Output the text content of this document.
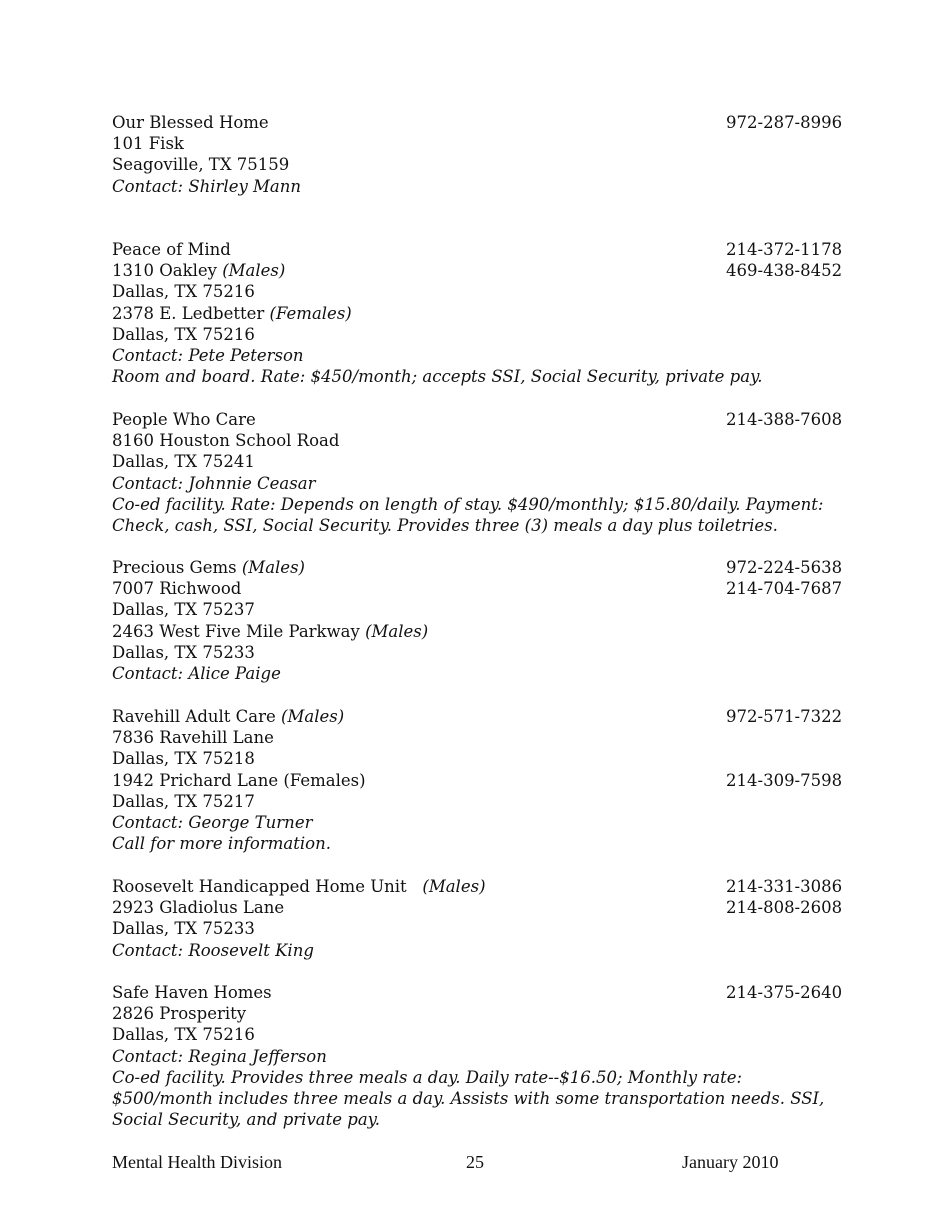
Our Blessed Home	972-287-8996
101 Fisk
Seagoville, TX 75159
Contact: Shirley Mann
Peace of Mind	214-372-1178
1310 Oakley (Males)	469-438-8452
Dallas, TX 75216
2378 E. Ledbetter (Females)
Dallas, TX 75216
Contact: Pete Peterson
Room and board. Rate: $450/month; accepts SSI, Social Security, private pay.
People Who Care	214-388-7608
8160 Houston School Road
Dallas, TX 75241
Contact: Johnnie Ceasar
Co-ed facility. Rate: Depends on length of stay. $490/monthly; $15.80/daily. Payment: Check, cash, SSI, Social Security. Provides three (3) meals a day plus toiletries.
Precious Gems (Males)	972-224-5638
7007 Richwood	214-704-7687
Dallas, TX 75237
2463 West Five Mile Parkway (Males)
Dallas, TX 75233
Contact: Alice Paige
Ravehill Adult Care (Males)	972-571-7322
7836 Ravehill Lane
Dallas, TX 75218
1942 Prichard Lane (Females)	214-309-7598
Dallas, TX 75217
Contact: George Turner
Call for more information.
Roosevelt Handicapped Home Unit   (Males)	214-331-3086
2923 Gladiolus Lane	214-808-2608
Dallas, TX 75233
Contact: Roosevelt King
Safe Haven Homes	214-375-2640
2826 Prosperity
Dallas, TX 75216
Contact: Regina Jefferson
Co-ed facility. Provides three meals a day. Daily rate--$16.50; Monthly rate: $500/month includes three meals a day. Assists with some transportation needs. SSI, Social Security, and private pay.
Mental Health Division	25	January 2010
